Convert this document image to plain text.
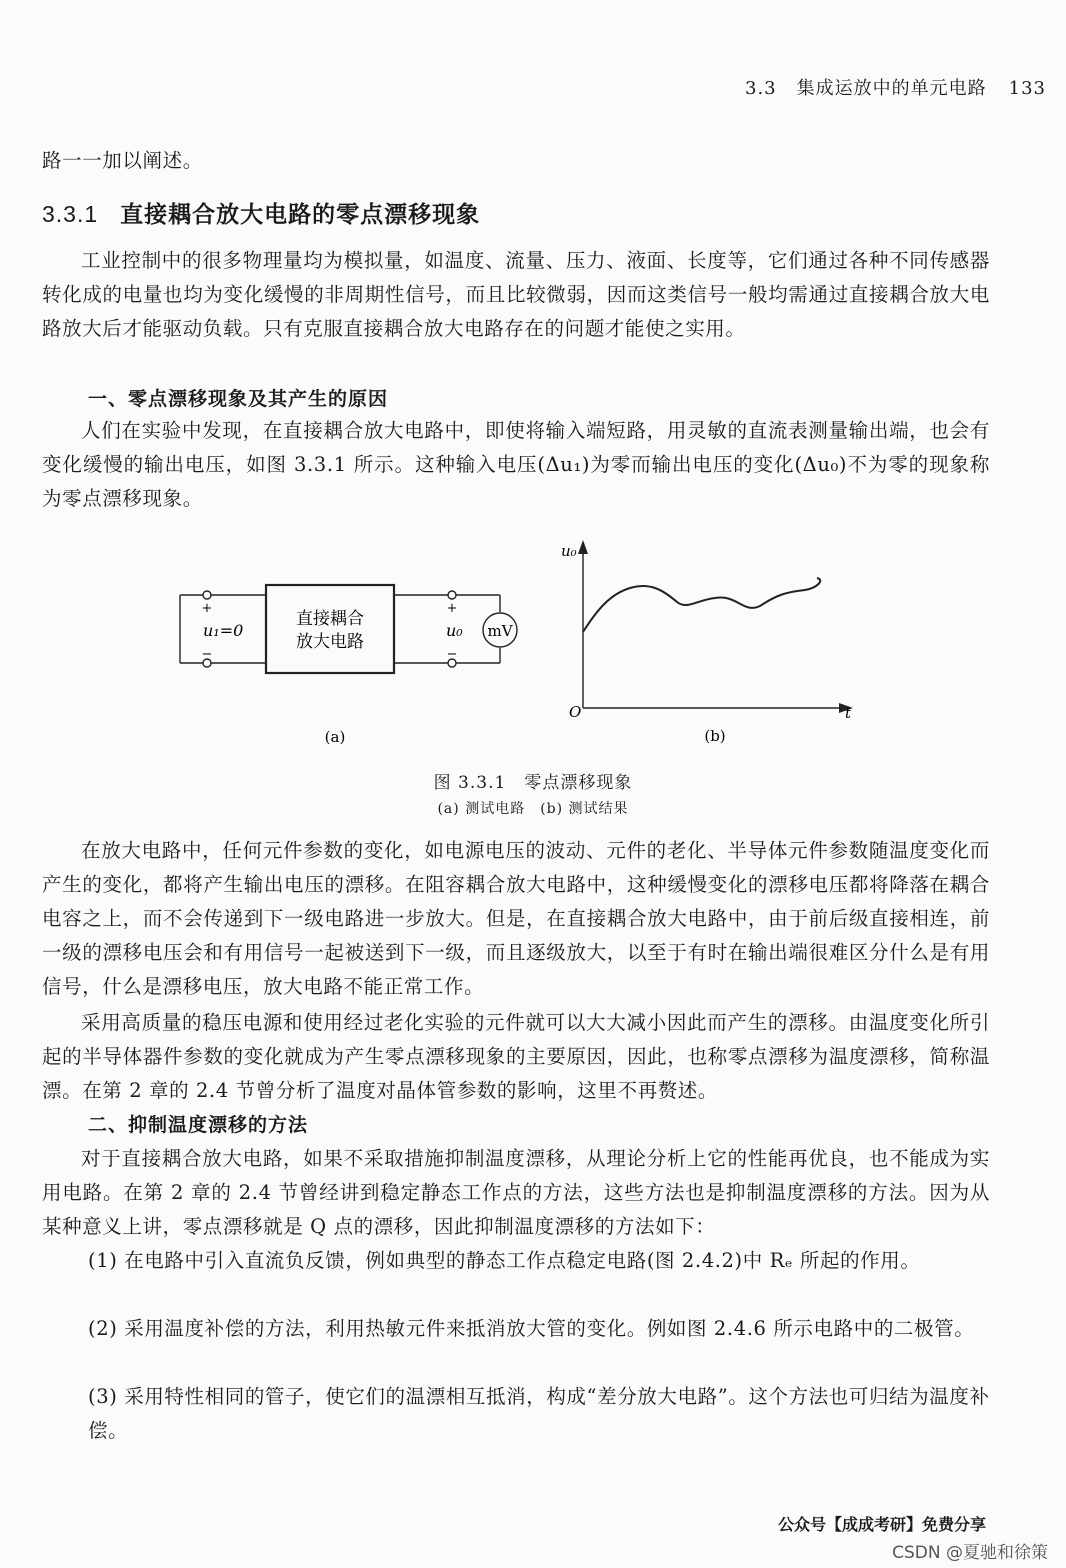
3.3 集成运放中的单元电路 133
路一一加以阐述。
3.3.1 直接耦合放大电路的零点漂移现象
工业控制中的很多物理量均为模拟量，如温度、流量、压力、液面、长度等，它们通过各种不同传感器转化成的电量也均为变化缓慢的非周期性信号，而且比较微弱，因而这类信号一般均需通过直接耦合放大电路放大后才能驱动负载。只有克服直接耦合放大电路存在的问题才能使之实用。
一、零点漂移现象及其产生的原因
人们在实验中发现，在直接耦合放大电路中，即使将输入端短路，用灵敏的直流表测量输出端，也会有变化缓慢的输出电压，如图 3.3.1 所示。这种输入电压(Δu₁)为零而输出电压的变化(Δu₀)不为零的现象称为零点漂移现象。
+
−
u₁=0
直接耦合
放大电路
+
−
u₀ mV
(a)
u₀
t
O
(b)
图 3.3.1　零点漂移现象
(a) 测试电路　(b) 测试结果
在放大电路中，任何元件参数的变化，如电源电压的波动、元件的老化、半导体元件参数随温度变化而产生的变化，都将产生输出电压的漂移。在阻容耦合放大电路中，这种缓慢变化的漂移电压都将降落在耦合电容之上，而不会传递到下一级电路进一步放大。但是，在直接耦合放大电路中，由于前后级直接相连，前一级的漂移电压会和有用信号一起被送到下一级，而且逐级放大，以至于有时在输出端很难区分什么是有用信号，什么是漂移电压，放大电路不能正常工作。
采用高质量的稳压电源和使用经过老化实验的元件就可以大大减小因此而产生的漂移。由温度变化所引起的半导体器件参数的变化就成为产生零点漂移现象的主要原因，因此，也称零点漂移为温度漂移，简称温漂。在第 2 章的 2.4 节曾分析了温度对晶体管参数的影响，这里不再赘述。
二、抑制温度漂移的方法
对于直接耦合放大电路，如果不采取措施抑制温度漂移，从理论分析上它的性能再优良，也不能成为实用电路。在第 2 章的 2.4 节曾经讲到稳定静态工作点的方法，这些方法也是抑制温度漂移的方法。因为从某种意义上讲，零点漂移就是 Q 点的漂移，因此抑制温度漂移的方法如下：
(1) 在电路中引入直流负反馈，例如典型的静态工作点稳定电路(图 2.4.2)中 Rₑ 所起的作用。
(2) 采用温度补偿的方法，利用热敏元件来抵消放大管的变化。例如图 2.4.6 所示电路中的二极管。
(3) 采用特性相同的管子，使它们的温漂相互抵消，构成“差分放大电路”。这个方法也可归结为温度补偿。
公众号【成成考研】免费分享
CSDN @夏驰和徐策
